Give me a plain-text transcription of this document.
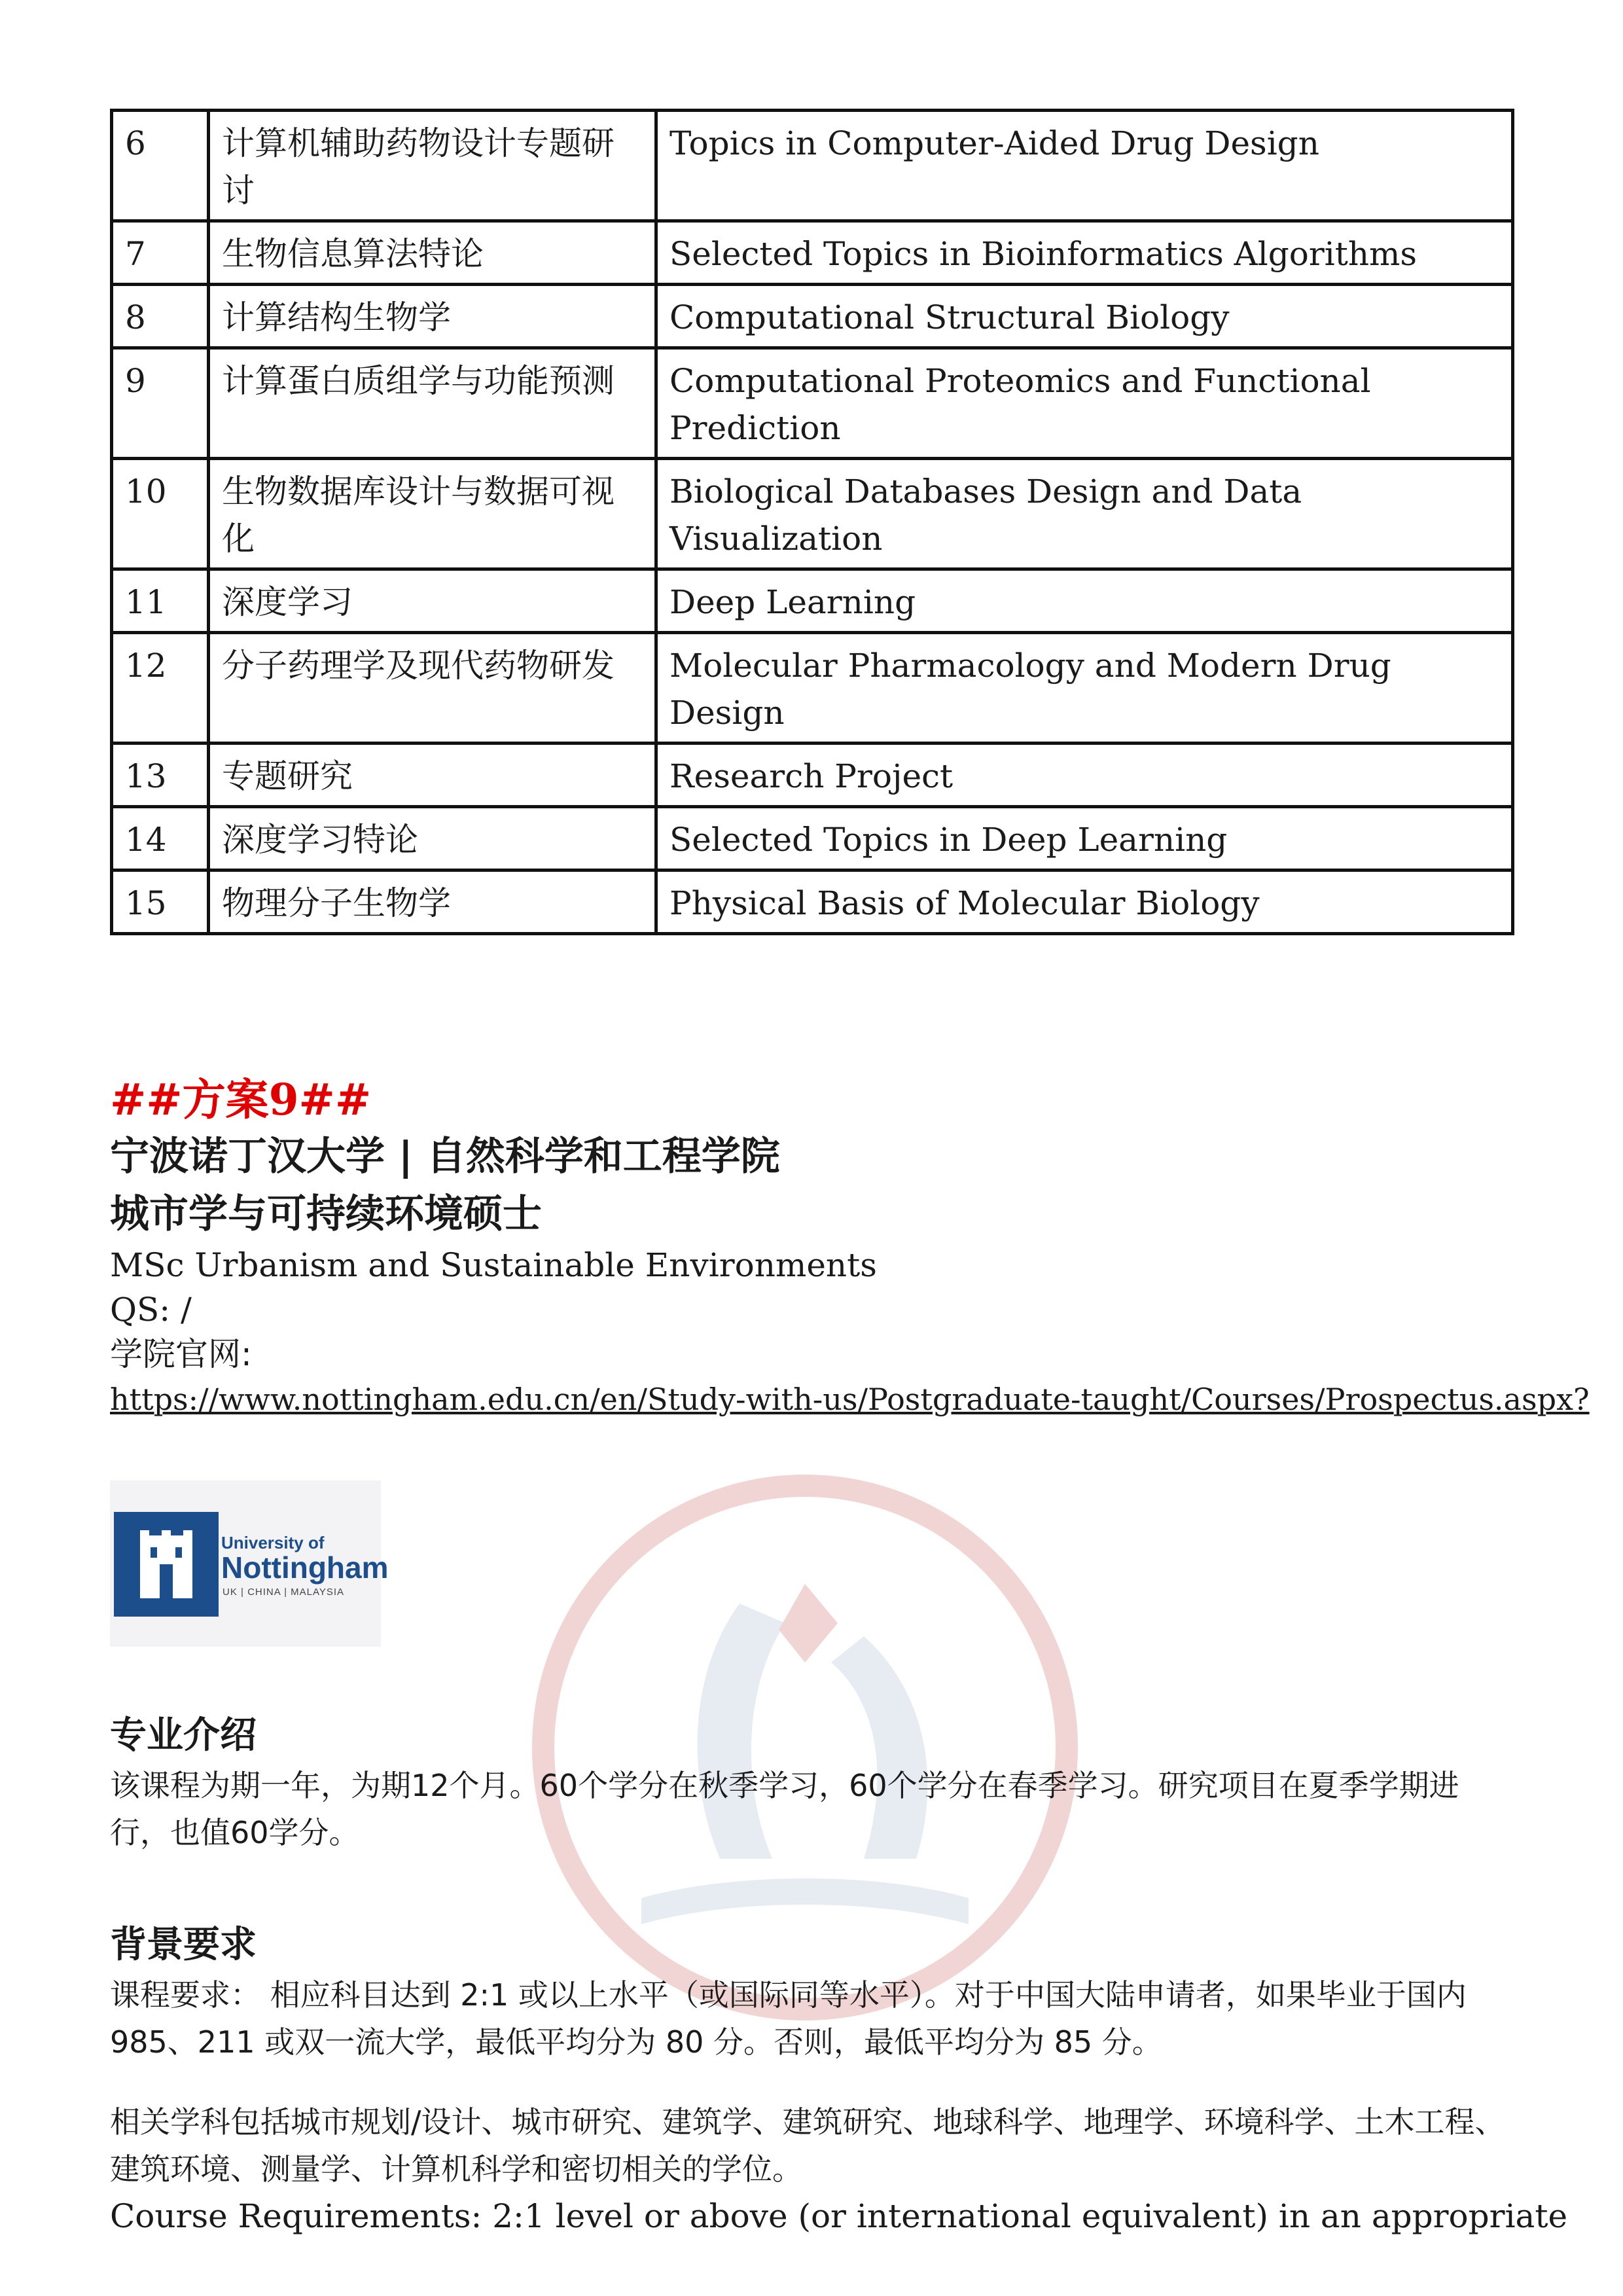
6	计算机辅助药物设计专题研讨	Topics in Computer-Aided Drug Design
7	生物信息算法特论	Selected Topics in Bioinformatics Algorithms
8	计算结构生物学	Computational Structural Biology
9	计算蛋白质组学与功能预测	Computational Proteomics and Functional Prediction
10	生物数据库设计与数据可视化	Biological Databases Design and Data Visualization
11	深度学习	Deep Learning
12	分子药理学及现代药物研发	Molecular Pharmacology and Modern Drug Design
13	专题研究	Research Project
14	深度学习特论	Selected Topics in Deep Learning
15	物理分子生物学	Physical Basis of Molecular Biology
##方案9##
宁波诺丁汉大学 | 自然科学和工程学院
城市学与可持续环境硕士
MSc Urbanism and Sustainable Environments
QS: /
学院官网: https://www.nottingham.edu.cn/en/Study-with-us/Postgraduate-taught/Courses/Prospectus.aspx?
University of
Nottingham
UK | CHINA | MALAYSIA
专业介绍
该课程为期一年，为期12个月。60个学分在秋季学习，60个学分在春季学习。研究项目在夏季学期进行，也值60学分。
背景要求
课程要求： 相应科目达到 2:1 或以上水平（或国际同等水平）。对于中国大陆申请者，如果毕业于国内 985、211 或双一流大学，最低平均分为 80 分。否则，最低平均分为 85 分。
相关学科包括城市规划/设计、城市研究、建筑学、建筑研究、地球科学、地理学、环境科学、土木工程、建筑环境、测量学、计算机科学和密切相关的学位。
Course Requirements: 2:1 level or above (or international equivalent) in an appropriate
